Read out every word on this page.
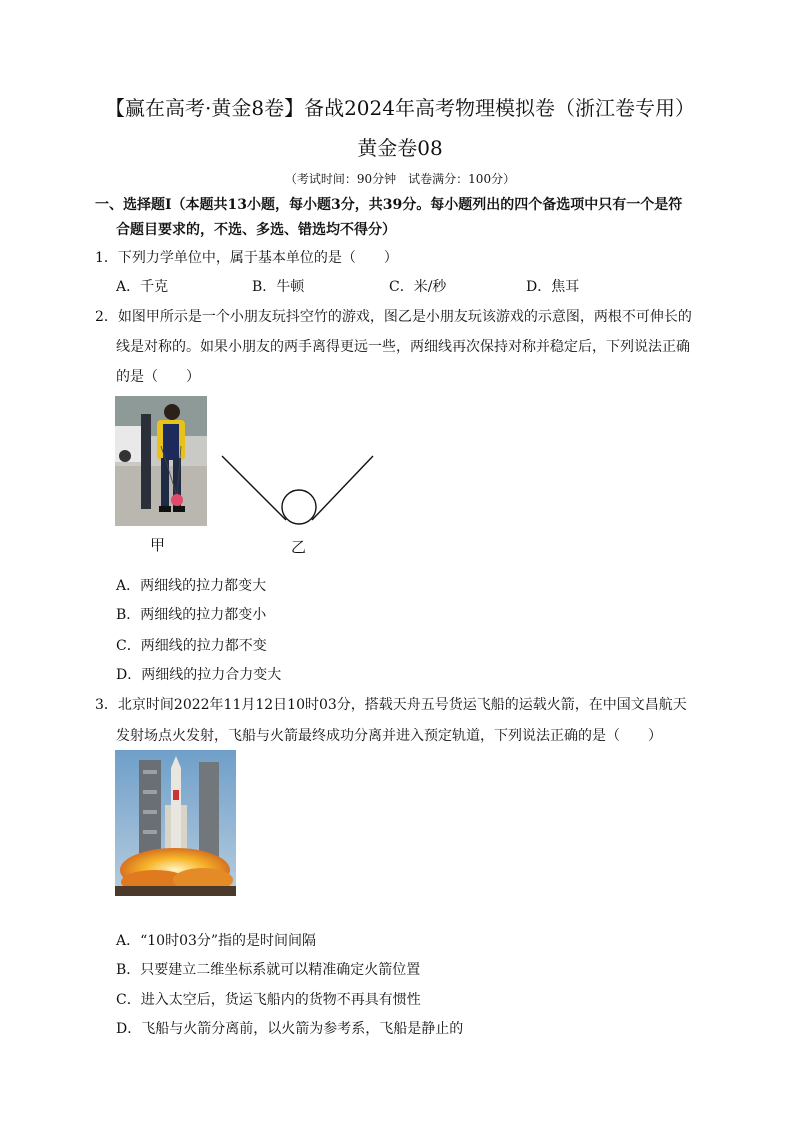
【赢在高考·黄金8卷】备战2024年高考物理模拟卷（浙江卷专用）
黄金卷08
（考试时间：90分钟　试卷满分：100分）
一、选择题Ⅰ（本题共13小题，每小题3分，共39分。每小题列出的四个备选项中只有一个是符
合题目要求的，不选、多选、错选均不得分）
1．下列力学单位中，属于基本单位的是（　　）
A．千克	B．牛顿	C．米/秒	D．焦耳
2．如图甲所示是一个小朋友玩抖空竹的游戏，图乙是小朋友玩该游戏的示意图，两根不可伸长的
线是对称的。如果小朋友的两手离得更远一些，两细线再次保持对称并稳定后，下列说法正确
的是（　　）
甲	乙
A．两细线的拉力都变大
B．两细线的拉力都变小
C．两细线的拉力都不变
D．两细线的拉力合力变大
3．北京时间2022年11月12日10时03分，搭载天舟五号货运飞船的运载火箭，在中国文昌航天
发射场点火发射，飞船与火箭最终成功分离并进入预定轨道，下列说法正确的是（　　）
A．“10时03分”指的是时间间隔
B．只要建立二维坐标系就可以精准确定火箭位置
C．进入太空后，货运飞船内的货物不再具有惯性
D．飞船与火箭分离前，以火箭为参考系，飞船是静止的
